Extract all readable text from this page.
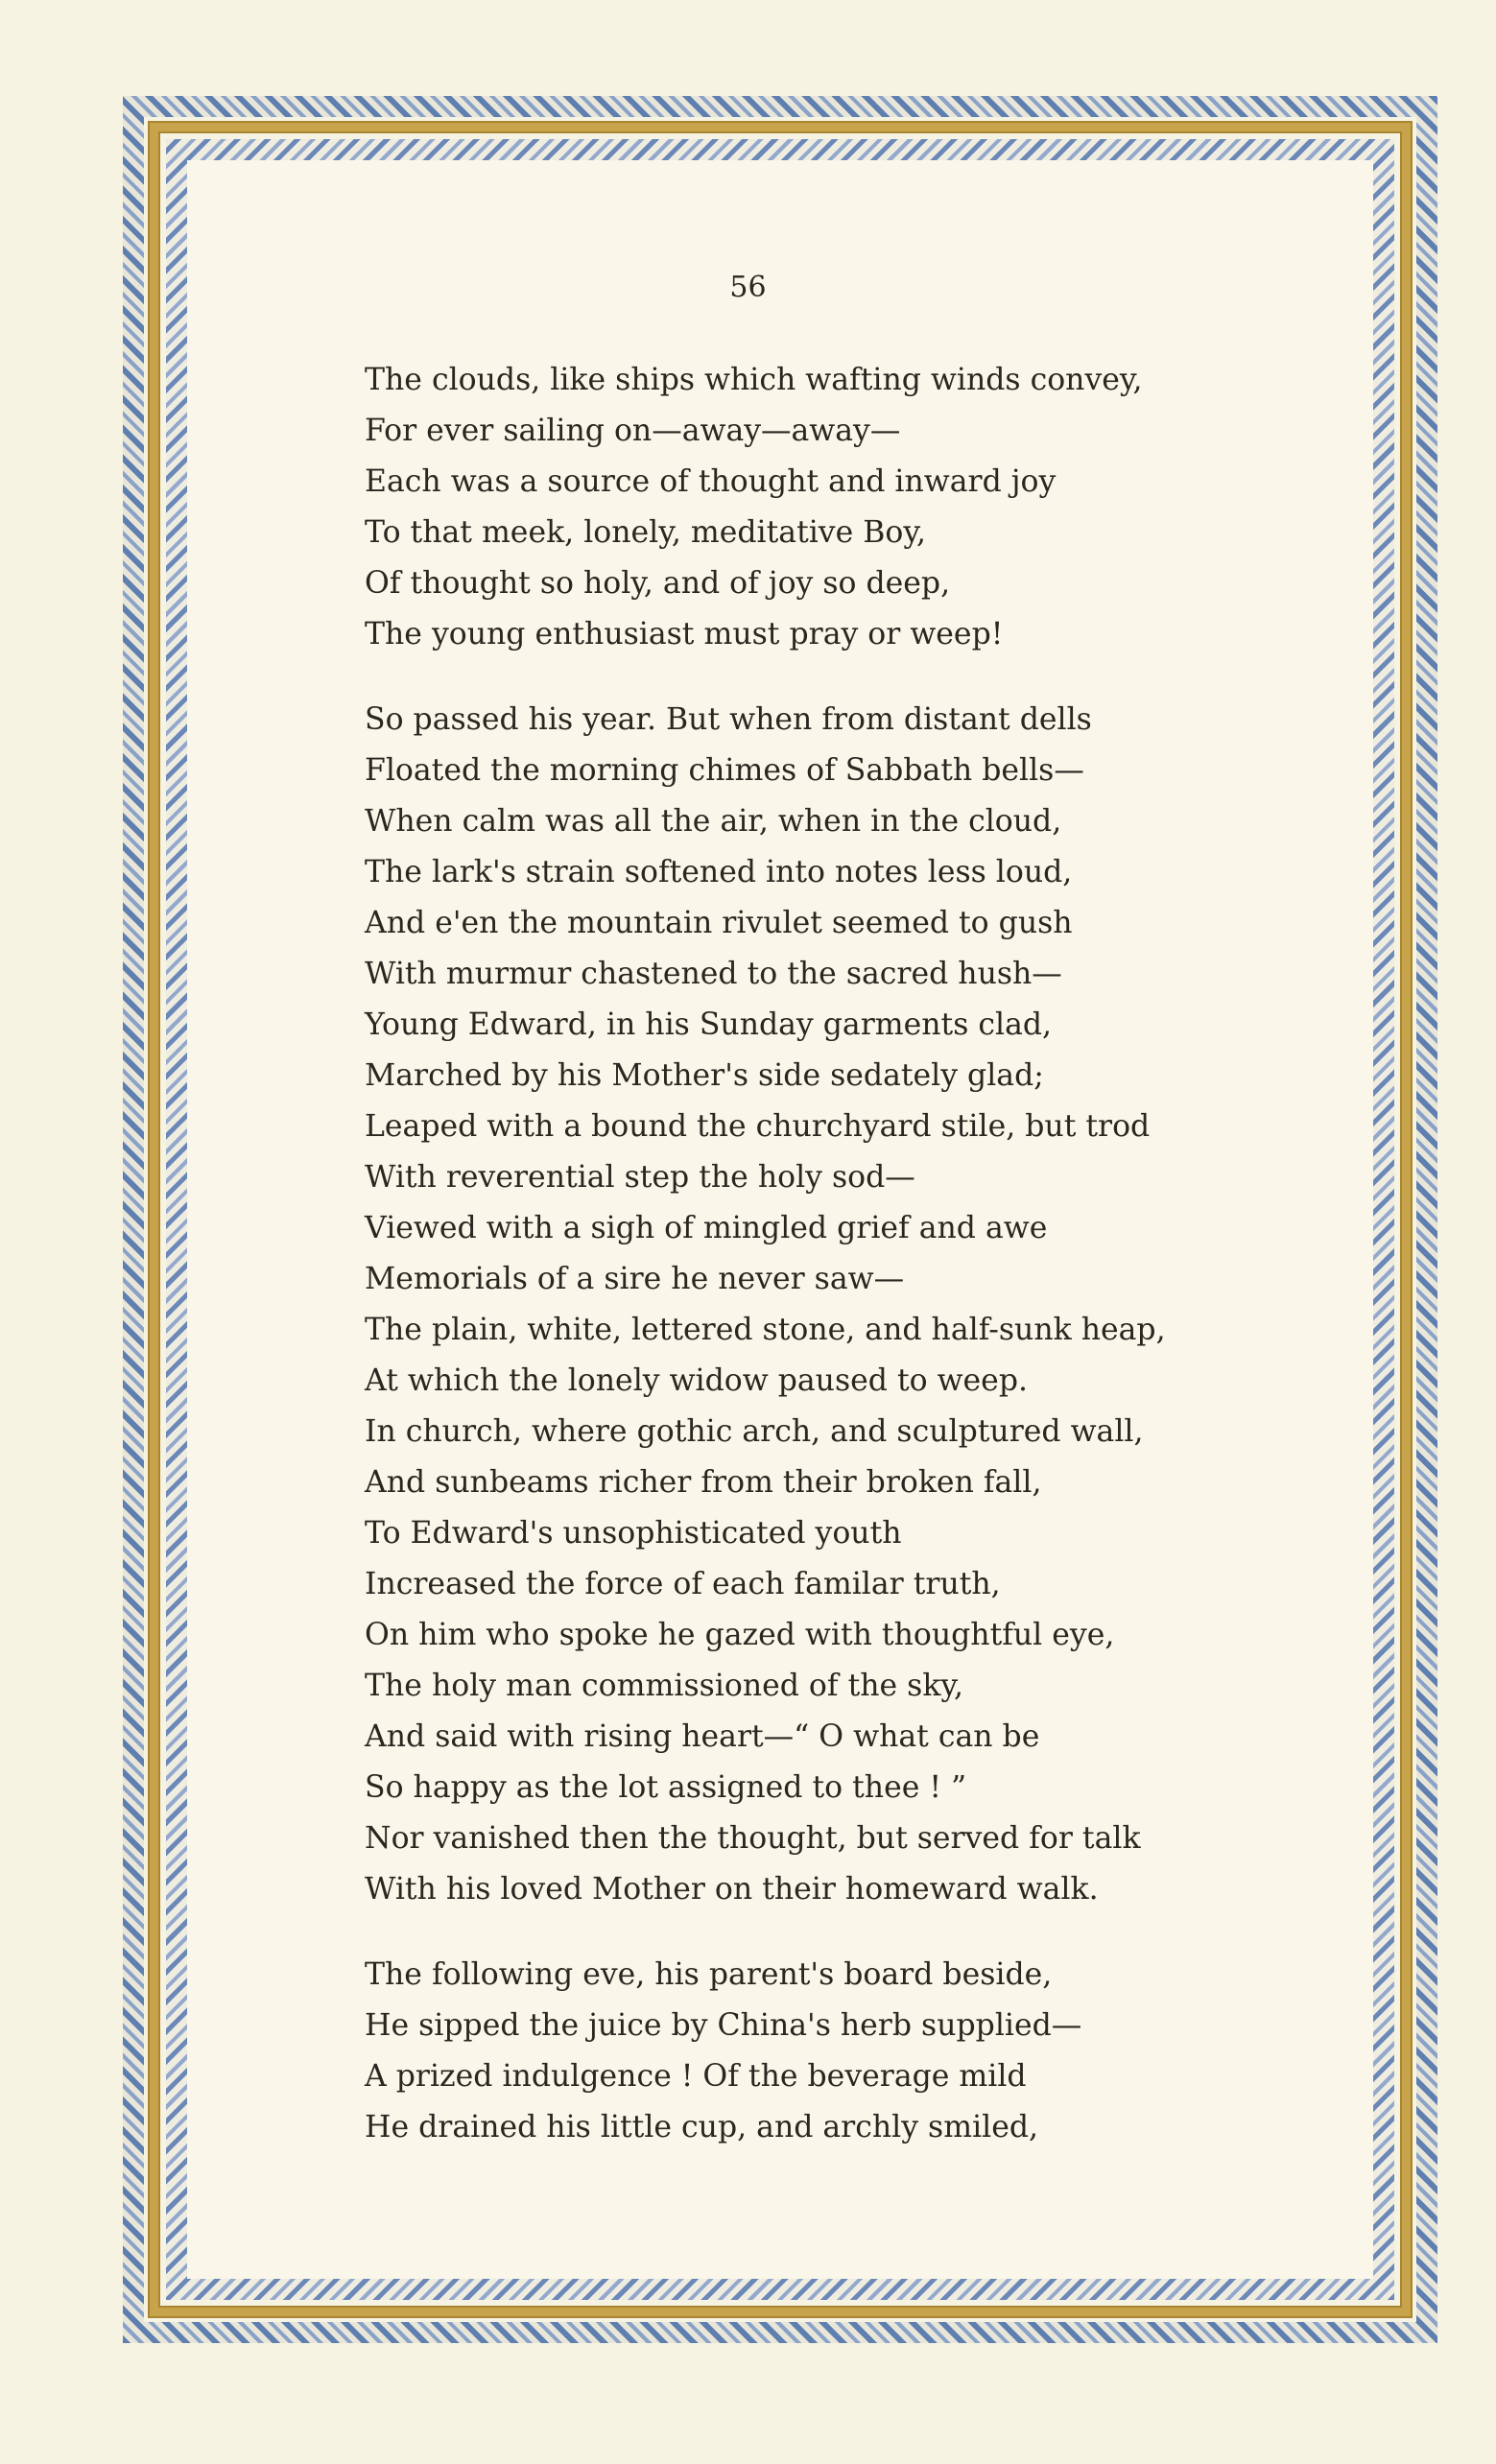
56
The clouds, like ships which wafting winds convey,
For ever sailing on—away—away—
Each was a source of thought and inward joy
To that meek, lonely, meditative Boy,
Of thought so holy, and of joy so deep,
The young enthusiast must pray or weep!
So passed his year. But when from distant dells
Floated the morning chimes of Sabbath bells—
When calm was all the air, when in the cloud,
The lark's strain softened into notes less loud,
And e'en the mountain rivulet seemed to gush
With murmur chastened to the sacred hush—
Young Edward, in his Sunday garments clad,
Marched by his Mother's side sedately glad;
Leaped with a bound the churchyard stile, but trod
With reverential step the holy sod—
Viewed with a sigh of mingled grief and awe
Memorials of a sire he never saw—
The plain, white, lettered stone, and half-sunk heap,
At which the lonely widow paused to weep.
In church, where gothic arch, and sculptured wall,
And sunbeams richer from their broken fall,
To Edward's unsophisticated youth
Increased the force of each familar truth,
On him who spoke he gazed with thoughtful eye,
The holy man commissioned of the sky,
And said with rising heart—“ O what can be
So happy as the lot assigned to thee ! ”
Nor vanished then the thought, but served for talk
With his loved Mother on their homeward walk.
The following eve, his parent's board beside,
He sipped the juice by China's herb supplied—
A prized indulgence ! Of the beverage mild
He drained his little cup, and archly smiled,
